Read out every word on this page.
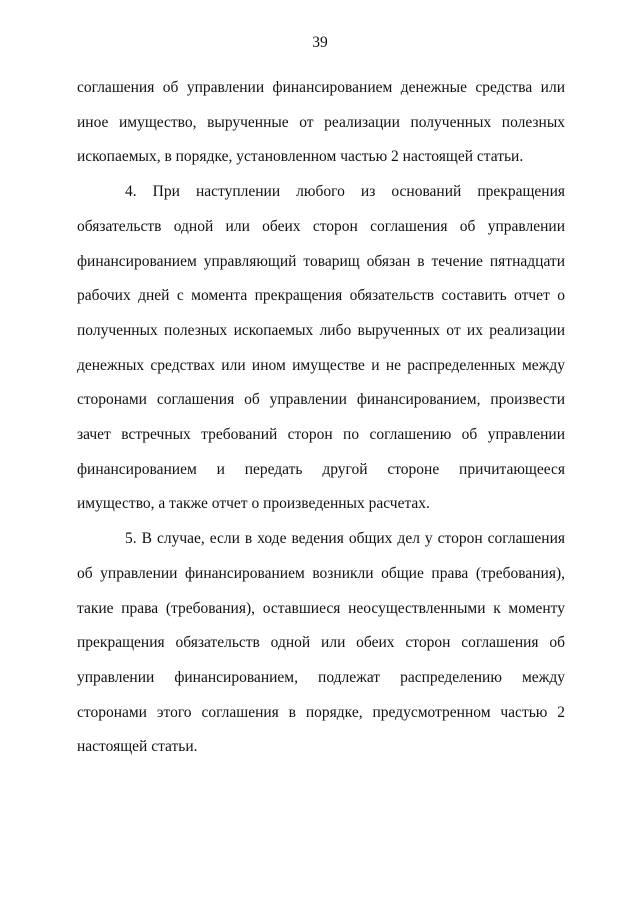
39

соглашения об управлении финансированием денежные средства или иное имущество, вырученные от реализации полученных полезных ископаемых, в порядке, установленном частью 2 настоящей статьи.

4. При наступлении любого из оснований прекращения обязательств одной или обеих сторон соглашения об управлении финансированием управляющий товарищ обязан в течение пятнадцати рабочих дней с момента прекращения обязательств составить отчет о полученных полезных ископаемых либо вырученных от их реализации денежных средствах или ином имуществе и не распределенных между сторонами соглашения об управлении финансированием, произвести зачет встречных требований сторон по соглашению об управлении финансированием и передать другой стороне причитающееся имущество, а также отчет о произведенных расчетах.

5. В случае, если в ходе ведения общих дел у сторон соглашения об управлении финансированием возникли общие права (требования), такие права (требования), оставшиеся неосуществленными к моменту прекращения обязательств одной или обеих сторон соглашения об управлении финансированием, подлежат распределению между сторонами этого соглашения в порядке, предусмотренном частью 2 настоящей статьи.
